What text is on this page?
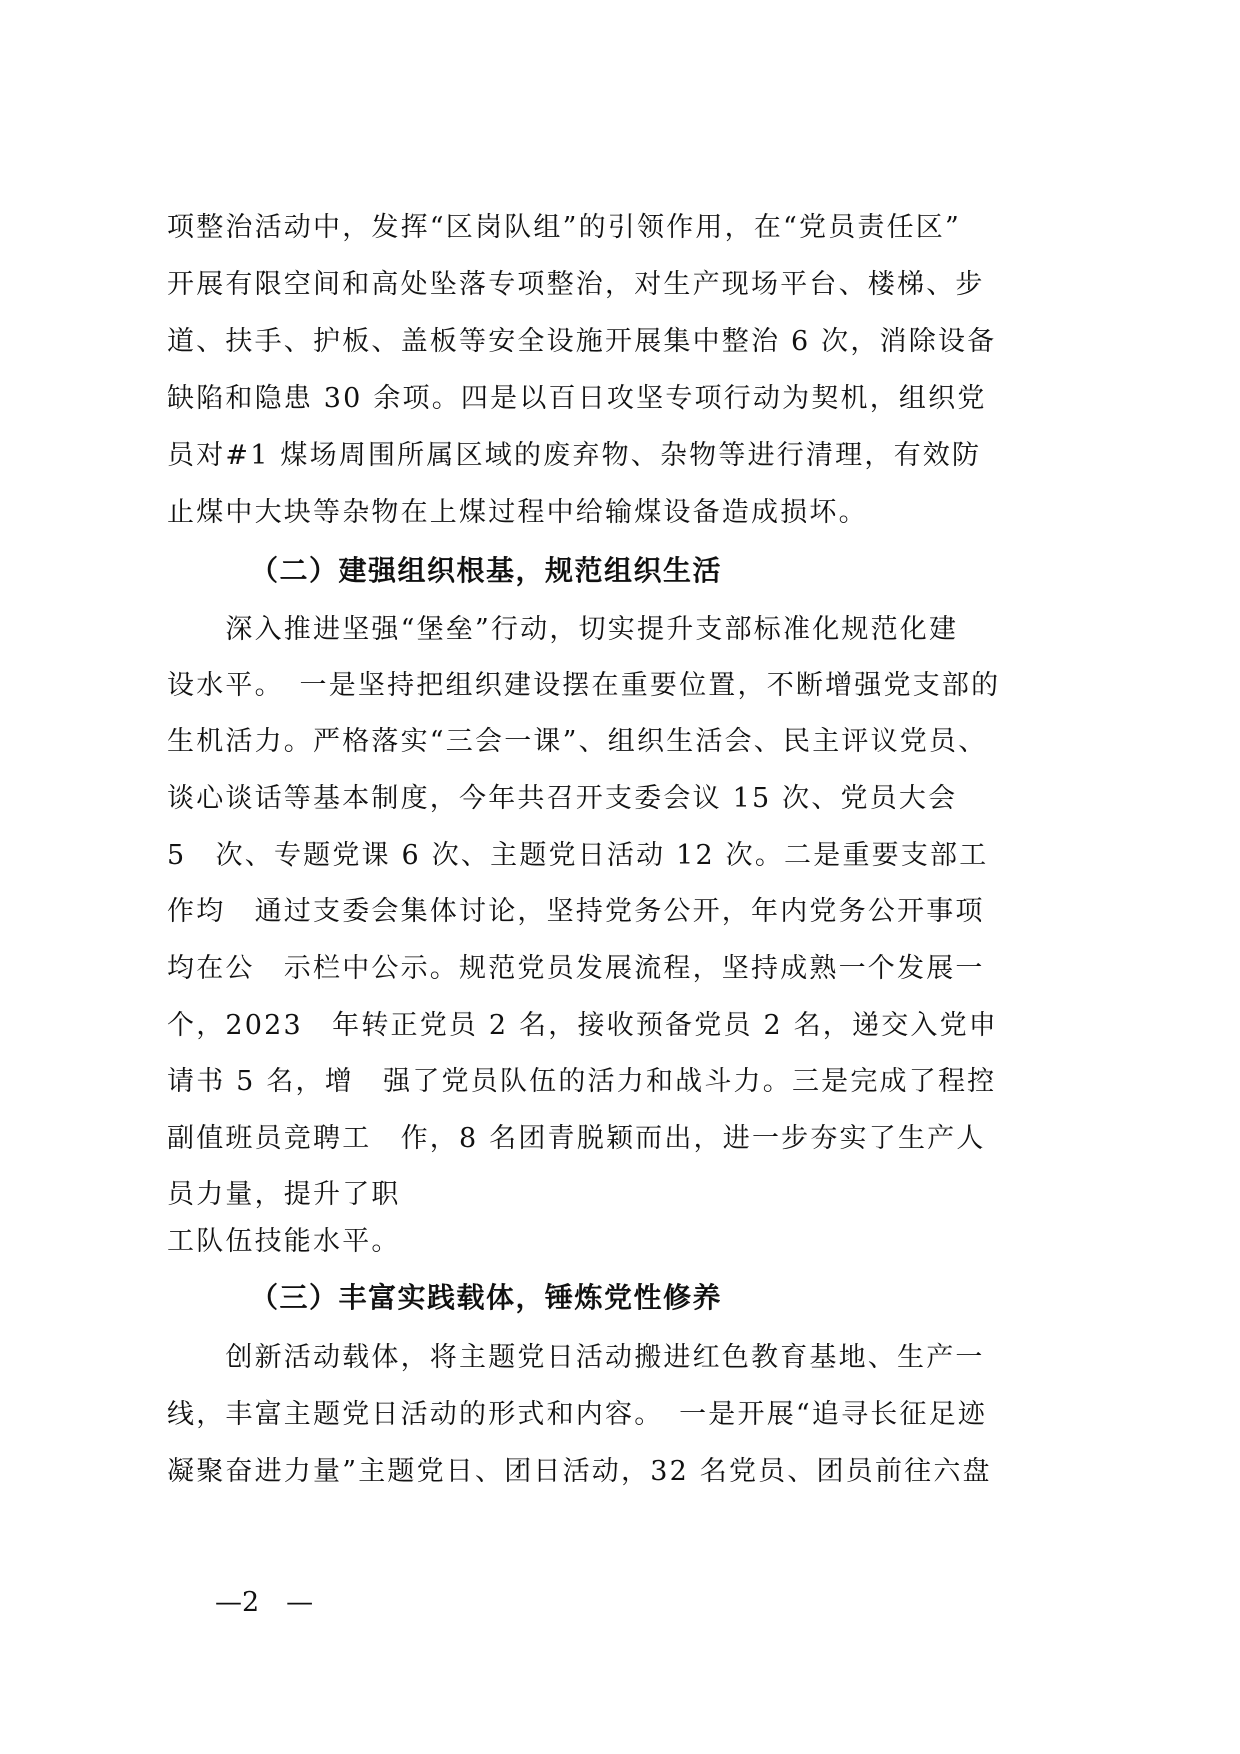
项整治活动中，发挥“区岗队组”的引领作用，在“党员责任区”
开展有限空间和高处坠落专项整治，对生产现场平台、楼梯、步
道、扶手、护板、盖板等安全设施开展集中整治 6 次，消除设备
缺陷和隐患 30 余项。四是以百日攻坚专项行动为契机，组织党
员对#1 煤场周围所属区域的废弃物、杂物等进行清理，有效防
止煤中大块等杂物在上煤过程中给输煤设备造成损坏。
（二）建强组织根基，规范组织生活
　　深入推进坚强“堡垒”行动，切实提升支部标准化规范化建
设水平。　一是坚持把组织建设摆在重要位置，不断增强党支部的
生机活力。严格落实“三会一课”、组织生活会、民主评议党员、
谈心谈话等基本制度，今年共召开支委会议 15 次、党员大会
5　次、专题党课 6 次、主题党日活动 12 次。二是重要支部工
作均　通过支委会集体讨论，坚持党务公开，年内党务公开事项
均在公　示栏中公示。规范党员发展流程，坚持成熟一个发展一
个，2023　年转正党员 2 名，接收预备党员 2 名，递交入党申
请书 5 名，增　强了党员队伍的活力和战斗力。三是完成了程控
副值班员竞聘工　作，8 名团青脱颖而出，进一步夯实了生产人
员力量，提升了职
工队伍技能水平。
（三）丰富实践载体，锤炼党性修养
　　创新活动载体，将主题党日活动搬进红色教育基地、生产一
线，丰富主题党日活动的形式和内容。　一是开展“追寻长征足迹
凝聚奋进力量”主题党日、团日活动，32 名党员、团员前往六盘
—2　—
